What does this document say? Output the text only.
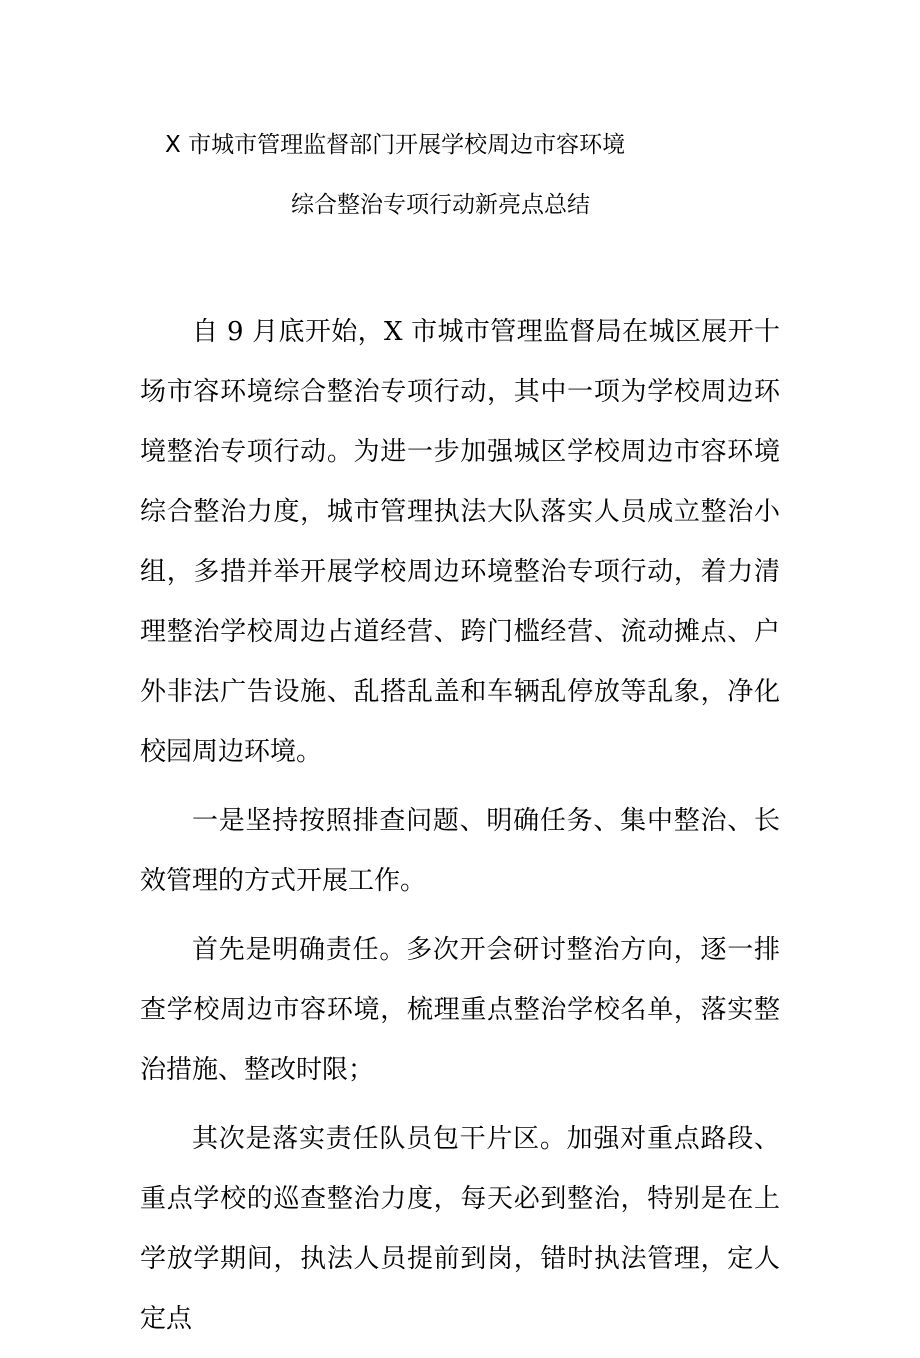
X 市城市管理监督部门开展学校周边市容环境
综合整治专项行动新亮点总结

自 9 月底开始，X 市城市管理监督局在城区展开十场市容环境综合整治专项行动，其中一项为学校周边环境整治专项行动。为进一步加强城区学校周边市容环境综合整治力度，城市管理执法大队落实人员成立整治小组，多措并举开展学校周边环境整治专项行动，着力清理整治学校周边占道经营、跨门槛经营、流动摊点、户外非法广告设施、乱搭乱盖和车辆乱停放等乱象，净化校园周边环境。

一是坚持按照排查问题、明确任务、集中整治、长效管理的方式开展工作。

首先是明确责任。多次开会研讨整治方向，逐一排查学校周边市容环境，梳理重点整治学校名单，落实整治措施、整改时限；

其次是落实责任队员包干片区。加强对重点路段、重点学校的巡查整治力度，每天必到整治，特别是在上学放学期间，执法人员提前到岗，错时执法管理，定人定点
